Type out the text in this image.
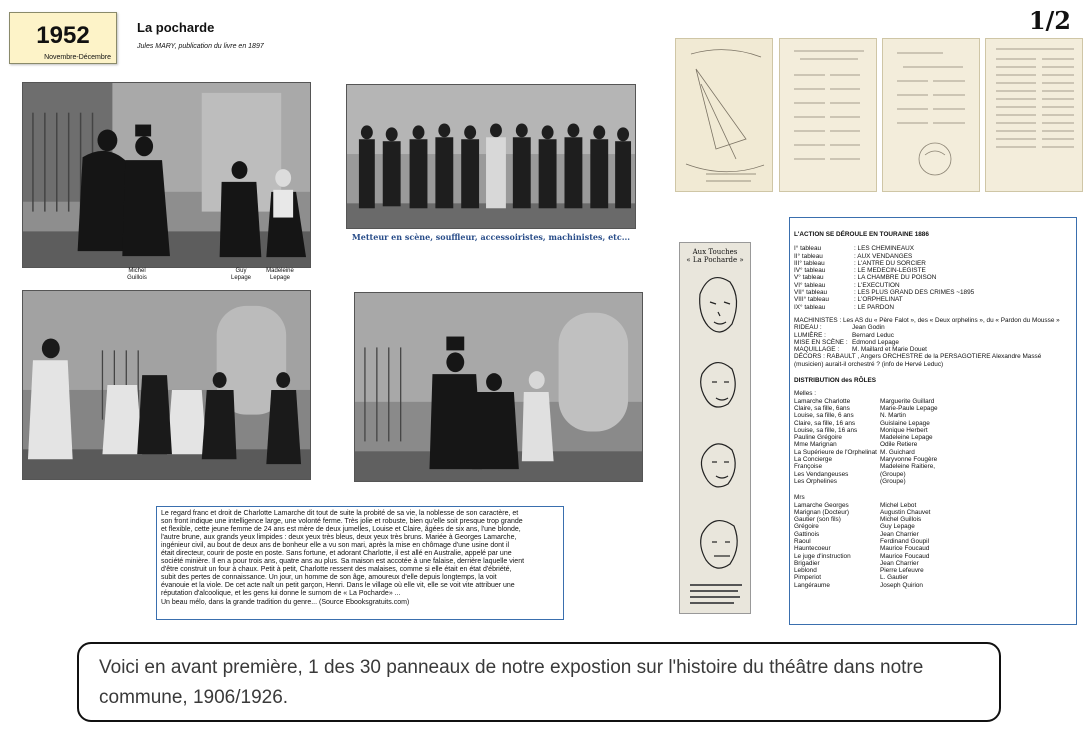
1952
Novembre-Décembre
La pocharde
Jules MARY, publication du livre en 1897
1/2
Michel Guillois
Guy Lepage
Madeleine Lepage
Metteur en scène, souffleur, accessoiristes, machinistes, etc...
Aux Touches
« La Pocharde »
Le regard franc et droit de Charlotte Lamarche dit tout de suite la probité de sa vie, la noblesse de son caractère, et
son front indique une intelligence large, une volonté ferme. Très jolie et robuste, bien qu'elle soit presque trop grande
et flexible, cette jeune femme de 24 ans est mère de deux jumelles, Louise et Claire, âgées de six ans, l'une blonde,
l'autre brune, aux grands yeux limpides : deux yeux très bleus, deux yeux très bruns. Mariée à Georges Lamarche,
ingénieur civil, au bout de deux ans de bonheur elle a vu son mari, après la mise en chômage d'une usine dont il
était directeur, courir de poste en poste. Sans fortune, et adorant Charlotte, il est allé en Australie, appelé par une
société minière. Il en a pour trois ans, quatre ans au plus. Sa maison est accotée à une falaise, derrière laquelle vient
d'être construit un four à chaux. Petit à petit, Charlotte ressent des malaises, comme si elle était en état d'ébriété,
subit des pertes de connaissance. Un jour, un homme de son âge, amoureux d'elle depuis longtemps, la voit
évanouie et la viole. De cet acte naît un petit garçon, Henri. Dans le village où elle vit, elle se voit vite attribuer une
réputation d'alcoolique, et les gens lui donne le surnom de « La Pocharde» ...
Un beau mélo, dans la grande tradition du genre... (Source Ebooksgratuits.com)
L'ACTION SE DÉROULE EN TOURAINE 1886
I° tableau	: LES CHEMINEAUX
II° tableau	: AUX VENDANGES
III° tableau	: L'ANTRE DU SORCIER
IV° tableau	: LE MEDECIN-LEGISTE
V° tableau	: LA CHAMBRE DU POISON
VI° tableau	: L'EXECUTION
VII° tableau	: LES PLUS GRAND DES CRIMES ~1895
VIII° tableau	: L'ORPHELINAT
IX° tableau	: LE PARDON
MACHINISTES : Les AS du « Père Falot », des « Deux orphelins », du « Pardon du Mousse »
RIDEAU :	Jean Godin
LUMIÈRE :	Bernard Leduc
MISE EN SCÈNE : Edmond Lepage
MAQUILLAGE :	M. Maillard et Marie Douet
DÉCORS : RABAULT , Angers ORCHESTRE de la PERSAGOTIERE Alexandre Massé
(musicien) aurait-il orchestré ? (info de Hervé Leduc)
DISTRIBUTION des RÔLES
Melles :
Lamarche Charlotte	Marguerite Guillard
Claire, sa fille, 6ans	Marie-Paule Lepage
Louise, sa fille, 6 ans	N. Martin
Claire, sa fille, 16 ans	Guislaine Lepage
Louise, sa fille, 16 ans	Monique Herbert
Pauline Grégoire	Madeleine Lepage
Mme Marignan	Odile Retiere
La Supérieure de l'Orphelinat M. Guichard
La Concierge	Maryvonne Fougère
Françoise	Madeleine Raitiere,
Les Vendangeuses	(Groupe)
Les Orphelines	(Groupe)
Mrs
Lamarche Georges	Michel Lebot
Marignan (Docteur)	Augustin Chauvet
Gautier (son fils)	Michel Guillois
Grégoire	Guy Lepage
Gattinois	Jean Charrier
Raoul	Ferdinand Goupil
Hauntecoeur	Maurice Foucaud
Le juge d'instruction	Maurice Foucaud
Brigadier	Jean Charrier
Leblond	Pierre Lefeuvre
Pimperiot	L. Gautier
Langéraume	Joseph Quirion
Voici en avant première, 1 des 30 panneaux de notre expostion sur l'histoire du théâtre dans notre commune, 1906/1926.
